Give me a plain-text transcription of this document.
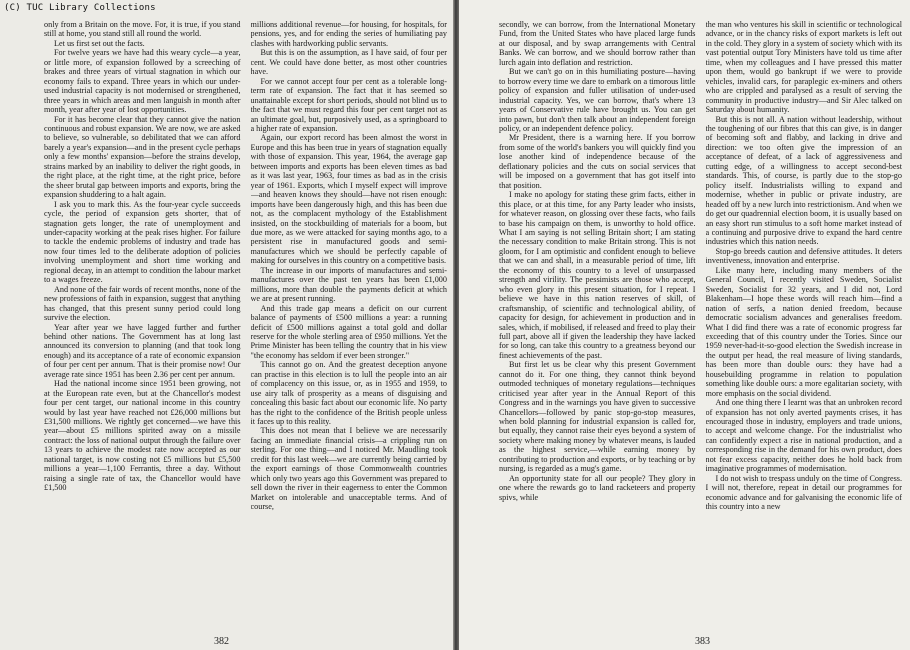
(C) TUC Library Collections

only from a Britain on the move. For, it is true, if you stand still at home, you stand still all round the world.

Let us first set out the facts.

For twelve years we have had this weary cycle—a year, or little more, of expansion followed by a screeching of brakes and three years of virtual stagnation in which our economy fails to expand. Three years in which our under-used industrial capacity is not modernised or strengthened, three years in which areas and men languish in month after month, year after year of lost opportunities.

For it has become clear that they cannot give the nation continuous and robust expansion. We are now, we are asked to believe, so vulnerable, so debilitated that we can afford barely a year's expansion—and in the present cycle perhaps only a few months' expansion—before the strains develop, strains marked by an inability to deliver the right goods, in the right place, at the right time, at the right price, before the sheer brutal gap between imports and exports, bring the expansion shuddering to a halt again.

I ask you to mark this. As the four-year cycle succeeds cycle, the period of expansion gets shorter, that of stagnation gets longer, the rate of unemployment and under-capacity working at the peak rises higher. For failure to tackle the endemic problems of industry and trade has now four times led to the deliberate adoption of policies involving unemployment and short time working and regional decay, in an attempt to condition the labour market to a wages freeze.

And none of the fair words of recent months, none of the new professions of faith in expansion, suggest that anything has changed, that this present sunny period could long survive the election.

Year after year we have lagged further and further behind other nations. The Government has at long last announced its conversion to planning (and that took long enough) and its acceptance of a rate of economic expansion of four per cent per annum. That is their promise now! Our average rate since 1951 has been 2.36 per cent per annum.

Had the national income since 1951 been growing, not at the European rate even, but at the Chancellor's modest four per cent target, our national income in this country would by last year have reached not £26,000 millions but £31,500 millions. We rightly get concerned—we have this year—about £5 millions spirited away on a missile contract: the loss of national output through the failure over 13 years to achieve the modest rate now accepted as our national target, is now costing not £5 millions but £5,500 millions a year—1,100 Ferrantis, three a day. Without raising a single rate of tax, the Chancellor would have £1,500

millions additional revenue—for housing, for hospitals, for pensions, yes, and for ending the series of humiliating pay clashes with hardworking public servants.

But this is on the assumption, as I have said, of four per cent. We could have done better, as most other countries have.

For we cannot accept four per cent as a tolerable long-term rate of expansion. The fact that it has seemed so unattainable except for short periods, should not blind us to the fact that we must regard this four per cent target not as an ultimate goal, but, purposively used, as a springboard to a higher rate of expansion.

Again, our export record has been almost the worst in Europe and this has been true in years of stagnation equally with those of expansion. This year, 1964, the average gap between imports and exports has been eleven times as bad as it was last year, 1963, four times as bad as in the crisis year of 1961. Exports, which I myself expect will improve—and heaven knows they should—have not risen enough: imports have been dangerously high, and this has been due not, as the complacent mythology of the Establishment insisted, on the stockbuilding of materials for a boom, but due more, as we were attacked for saying months ago, to a persistent rise in manufactured goods and semi-manufactures which we should be perfectly capable of making for ourselves in this country on a competitive basis.

The increase in our imports of manufactures and semi-manufactures over the past ten years has been £1,000 millions, more than double the payments deficit at which we are at present running.

And this trade gap means a deficit on our current balance of payments of £500 millions a year: a running deficit of £500 millions against a total gold and dollar reserve for the whole sterling area of £950 millions. Yet the Prime Minister has been telling the country that in his view "the economy has seldom if ever been stronger."

This cannot go on. And the greatest deception anyone can practise in this election is to lull the people into an air of complacency on this issue, or, as in 1955 and 1959, to use airy talk of prosperity as a means of disguising and concealing this basic fact about our economic life. No party has the right to the confidence of the British people unless it faces up to this reality.

This does not mean that I believe we are necessarily facing an immediate financial crisis—a crippling run on sterling. For one thing—and I noticed Mr. Maudling took credit for this last week—we are currently being carried by the export earnings of those Commonwealth countries which only two years ago this Government was prepared to sell down the river in their eagerness to enter the Common Market on intolerable and unacceptable terms. And of course,

382

secondly, we can borrow, from the International Monetary Fund, from the United States who have placed large funds at our disposal, and by swap arrangements with Central Banks. We can borrow, and we should borrow rather than lurch again into deflation and restriction.

But we can't go on in this humiliating posture—having to borrow every time we dare to embark on a timorous little policy of expansion and fuller utilisation of under-used industrial capacity. Yes, we can borrow, that's where 13 years of Conservative rule have brought us. You can get into pawn, but don't then talk about an independent foreign policy, or an independent defence policy.

Mr President, there is a warning here. If you borrow from some of the world's bankers you will quickly find you lose another kind of independence because of the deflationary policies and the cuts on social services that will be imposed on a government that has got itself into that position.

I make no apology for stating these grim facts, either in this place, or at this time, for any Party leader who insists, for whatever reason, on glossing over these facts, who fails to base his campaign on them, is unworthy to hold office. What I am saying is not selling Britain short; I am stating the necessary condition to make Britain strong. This is not gloom, for I am optimistic and confident enough to believe that we can and shall, in a measurable period of time, lift the economy of this country to a level of unsurpassed strength and virility. The pessimists are those who accept, who even glory in this present situation, for I repeat. I believe we have in this nation reserves of skill, of craftsmanship, of scientific and technological ability, of capacity for design, for achievement in production and in sales, which, if mobilised, if released and freed to play their full part, above all if given the leadership they have lacked for so long, can take this country to a greatness beyond our finest achievements of the past.

But first let us be clear why this present Government cannot do it. For one thing, they cannot think beyond outmoded techniques of monetary regulations—techniques criticised year after year in the Annual Report of this Congress and in the warnings you have given to successive Chancellors—followed by panic stop-go-stop measures, when bold planning for industrial expansion is called for, but equally, they cannot raise their eyes beyond a system of society where making money by whatever means, is lauded as the highest service,—while earning money by contributing to production and exports, or by teaching or by nursing, is regarded as a mug's game.

An opportunity state for all our people? They glory in one where the rewards go to land racketeers and property spivs, while

the man who ventures his skill in scientific or technological advance, or in the chancy risks of export markets is left out in the cold. They glory in a system of society which with its vast potential output Tory Ministers have told us time after time, when my colleagues and I have pressed this matter upon them, would go bankrupt if we were to provide vehicles, invalid cars, for paraplegic ex-miners and others who are crippled and paralysed as a result of serving the community in productive industry—and Sir Alec talked on Saturday about humanity.

But this is not all. A nation without leadership, without the toughening of our fibres that this can give, is in danger of becoming soft and flabby, and lacking in drive and direction: we too often give the impression of an acceptance of defeat, of a lack of aggressiveness and cutting edge, of a willingness to accept second-best standards. This, of course, is partly due to the stop-go policy itself. Industrialists willing to expand and modernise, whether in public or private industry, are headed off by a new lurch into restrictionism. And when we do get our quadrennial election boom, it is usually based on an easy short run stimulus to a soft home market instead of a continuing and purposive drive to expand the hard centre industries which this nation needs.

Stop-go breeds caution and defensive attitudes. It deters inventiveness, innovation and enterprise.

Like many here, including many members of the General Council, I recently visited Sweden, Socialist Sweden, Socialist for 32 years, and I did not, Lord Blakenham—I hope these words will reach him—find a nation of serfs, a nation denied freedom, because democratic socialism advances and generalises freedom. What I did find there was a rate of economic progress far exceeding that of this country under the Tories. Since our 1959 never-had-it-so-good election the Swedish increase in the output per head, the real measure of living standards, has been more than double ours: they have had a housebuilding programme in relation to population something like double ours: a more egalitarian society, with more emphasis on the social dividend.

And one thing there I learnt was that an unbroken record of expansion has not only averted payments crises, it has encouraged those in industry, employers and trade unions, to accept and welcome change. For the industrialist who can confidently expect a rise in national production, and a corresponding rise in the demand for his own product, does not fear excess capacity, neither does he hold back from imaginative programmes of modernisation.

I do not wish to trespass unduly on the time of Congress. I will not, therefore, repeat in detail our programmes for economic advance and for galvanising the economic life of this country into a new

383
